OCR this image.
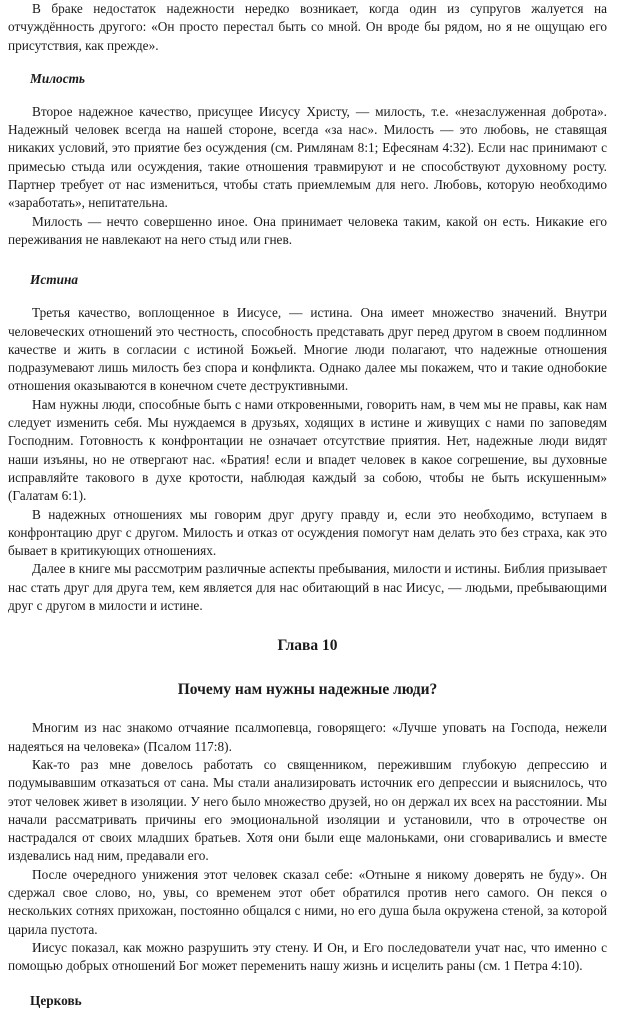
В браке недостаток надежности нередко возникает, когда один из супругов жалуется на отчуждённость другого: «Он просто перестал быть со мной. Он вроде бы рядом, но я не ощущаю его присутствия, как прежде».

Милость

Второе надежное качество, присущее Иисусу Христу, — милость, т.е. «незаслуженная доброта». Надежный человек всегда на нашей стороне, всегда «за нас». Милость — это любовь, не ставящая никаких условий, это приятие без осуждения (см. Римлянам 8:1; Ефесянам 4:32). Если нас принимают с примесью стыда или осуждения, такие отношения травмируют и не способствуют духовному росту. Партнер требует от нас измениться, чтобы стать приемлемым для него. Любовь, которую необходимо «заработать», непитательна.

Милость — нечто совершенно иное. Она принимает человека таким, какой он есть. Никакие его переживания не навлекают на него стыд или гнев.

Истина

Третья качество, воплощенное в Иисусе, — истина. Она имеет множество значений. Внутри человеческих отношений это честность, способность представать друг перед другом в своем подлинном качестве и жить в согласии с истиной Божьей. Многие люди полагают, что надежные отношения подразумевают лишь милость без спора и конфликта. Однако далее мы покажем, что и такие однобокие отношения оказываются в конечном счете деструктивными.

Нам нужны люди, способные быть с нами откровенными, говорить нам, в чем мы не правы, как нам следует изменить себя. Мы нуждаемся в друзьях, ходящих в истине и живущих с нами по заповедям Господним. Готовность к конфронтации не означает отсутствие приятия. Нет, надежные люди видят наши изъяны, но не отвергают нас. «Братия! если и впадет человек в какое согрешение, вы духовные исправляйте такового в духе кротости, наблюдая каждый за собою, чтобы не быть искушенным» (Галатам 6:1).

В надежных отношениях мы говорим друг другу правду и, если это необходимо, вступаем в конфронтацию друг с другом. Милость и отказ от осуждения помогут нам делать это без страха, как это бывает в критикующих отношениях.

Далее в книге мы рассмотрим различные аспекты пребывания, милости и истины. Библия призывает нас стать друг для друга тем, кем является для нас обитающий в нас Иисус, — людьми, пребывающими друг с другом в милости и истине.

Глава 10
Почему нам нужны надежные люди?

Многим из нас знакомо отчаяние псалмопевца, говорящего: «Лучше уповать на Господа, нежели надеяться на человека» (Псалом 117:8).

Как-то раз мне довелось работать со священником, пережившим глубокую депрессию и подумывавшим отказаться от сана. Мы стали анализировать источник его депрессии и выяснилось, что этот человек живет в изоляции. У него было множество друзей, но он держал их всех на расстоянии. Мы начали рассматривать причины его эмоциональной изоляции и установили, что в отрочестве он настрадался от своих младших братьев. Хотя они были еще малоньками, они сговаривались и вместе издевались над ним, предавали его.

После очередного унижения этот человек сказал себе: «Отныне я никому доверять не буду». Он сдержал свое слово, но, увы, со временем этот обет обратился против него самого. Он пекся о нескольких сотнях прихожан, постоянно общался с ними, но его душа была окружена стеной, за которой царила пустота.

Иисус показал, как можно разрушить эту стену. И Он, и Его последователи учат нас, что именно с помощью добрых отношений Бог может переменить нашу жизнь и исцелить раны (см. 1 Петра 4:10).

Церковь
